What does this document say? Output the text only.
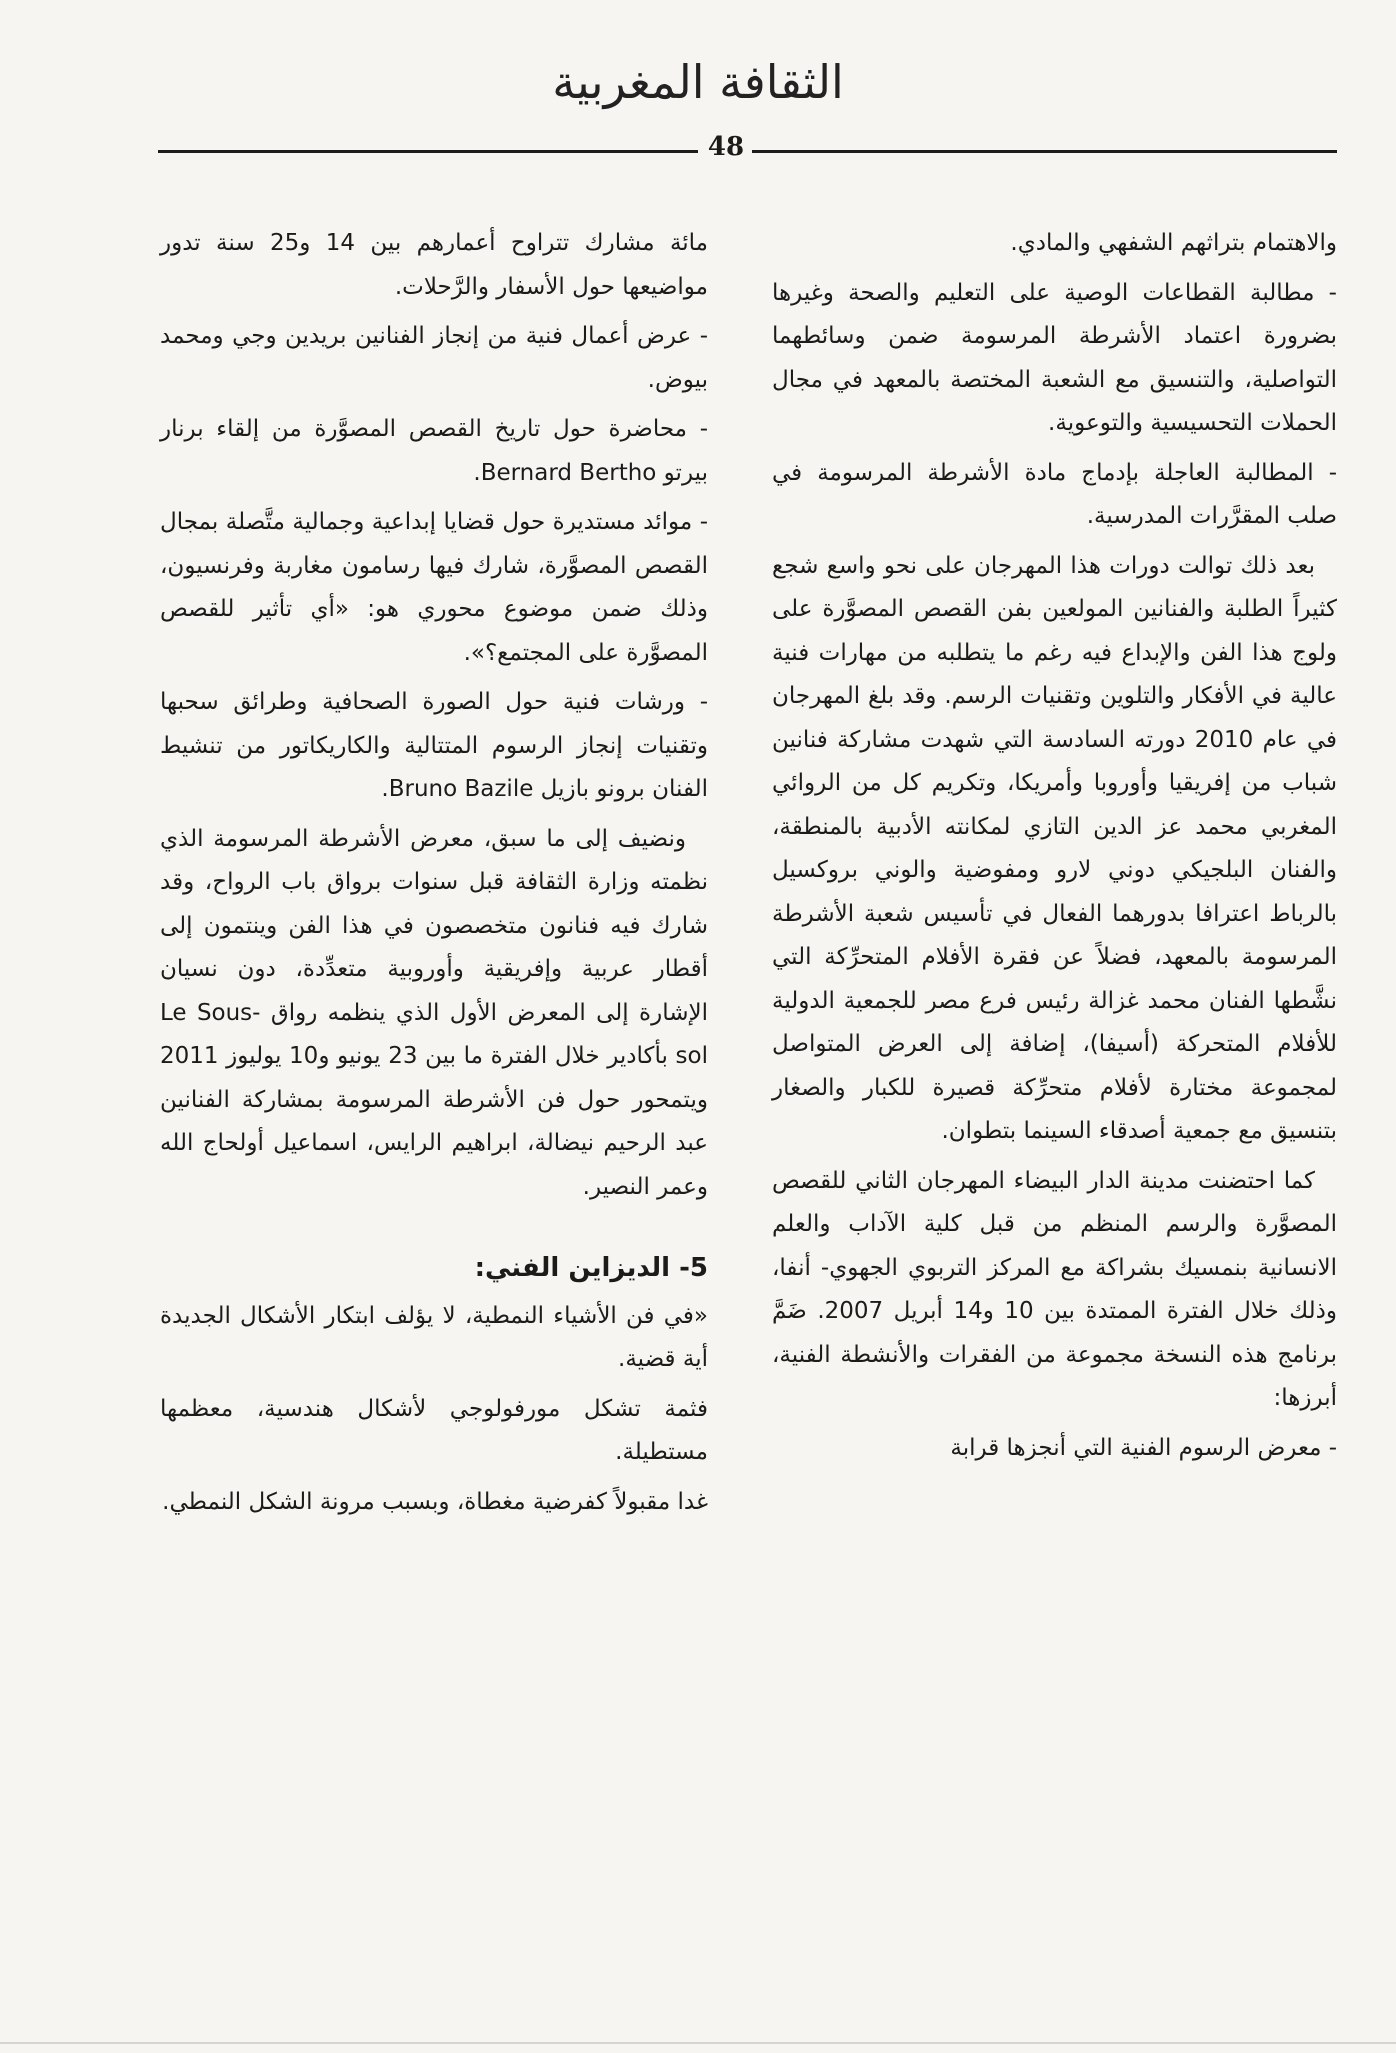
الثقافة المغربية
48

والاهتمام بتراثهم الشفهي والمادي.

- مطالبة القطاعات الوصية على التعليم والصحة وغيرها بضرورة اعتماد الأشرطة المرسومة ضمن وسائطهما التواصلية، والتنسيق مع الشعبة المختصة بالمعهد في مجال الحملات التحسيسية والتوعوية.

- المطالبة العاجلة بإدماج مادة الأشرطة المرسومة في صلب المقرَّرات المدرسية.

بعد ذلك توالت دورات هذا المهرجان على نحو واسع شجع كثيراً الطلبة والفنانين المولعين بفن القصص المصوَّرة على ولوج هذا الفن والإبداع فيه رغم ما يتطلبه من مهارات فنية عالية في الأفكار والتلوين وتقنيات الرسم. وقد بلغ المهرجان في عام 2010 دورته السادسة التي شهدت مشاركة فنانين شباب من إفريقيا وأوروبا وأمريكا، وتكريم كل من الروائي المغربي محمد عز الدين التازي لمكانته الأدبية بالمنطقة، والفنان البلجيكي دوني لارو ومفوضية والوني بروكسيل بالرباط اعترافا بدورهما الفعال في تأسيس شعبة الأشرطة المرسومة بالمعهد، فضلاً عن فقرة الأفلام المتحرِّكة التي نشَّطها الفنان محمد غزالة رئيس فرع مصر للجمعية الدولية للأفلام المتحركة (أسيفا)، إضافة إلى العرض المتواصل لمجموعة مختارة لأفلام متحرِّكة قصيرة للكبار والصغار بتنسيق مع جمعية أصدقاء السينما بتطوان.

كما احتضنت مدينة الدار البيضاء المهرجان الثاني للقصص المصوَّرة والرسم المنظم من قبل كلية الآداب والعلم الانسانية بنمسيك بشراكة مع المركز التربوي الجهوي- أنفا، وذلك خلال الفترة الممتدة بين 10 و14 أبريل 2007. ضَمَّ برنامج هذه النسخة مجموعة من الفقرات والأنشطة الفنية، أبرزها:

- معرض الرسوم الفنية التي أنجزها قرابة

مائة مشارك تتراوح أعمارهم بين 14 و25 سنة تدور مواضيعها حول الأسفار والرَّحلات.

- عرض أعمال فنية من إنجاز الفنانين بريدين وجي ومحمد بيوض.

- محاضرة حول تاريخ القصص المصوَّرة من إلقاء برنار بيرتو Bernard Bertho.

- موائد مستديرة حول قضايا إبداعية وجمالية متَّصلة بمجال القصص المصوَّرة، شارك فيها رسامون مغاربة وفرنسيون، وذلك ضمن موضوع محوري هو: «أي تأثير للقصص المصوَّرة على المجتمع؟».

- ورشات فنية حول الصورة الصحافية وطرائق سحبها وتقنيات إنجاز الرسوم المتتالية والكاريكاتور من تنشيط الفنان برونو بازيل Bruno Bazile.

ونضيف إلى ما سبق، معرض الأشرطة المرسومة الذي نظمته وزارة الثقافة قبل سنوات برواق باب الرواح، وقد شارك فيه فنانون متخصصون في هذا الفن وينتمون إلى أقطار عربية وإفريقية وأوروبية متعدِّدة، دون نسيان الإشارة إلى المعرض الأول الذي ينظمه رواق Le Sous-sol بأكادير خلال الفترة ما بين 23 يونيو و10 يوليوز 2011 ويتمحور حول فن الأشرطة المرسومة بمشاركة الفنانين عبد الرحيم نيضالة، ابراهيم الرايس، اسماعيل أولحاج الله وعمر النصير.

5- الديزاين الفني:

«في فن الأشياء النمطية، لا يؤلف ابتكار الأشكال الجديدة أية قضية.

فثمة تشكل مورفولوجي لأشكال هندسية، معظمها مستطيلة.

غدا مقبولاً كفرضية مغطاة، وبسبب مرونة الشكل النمطي.
